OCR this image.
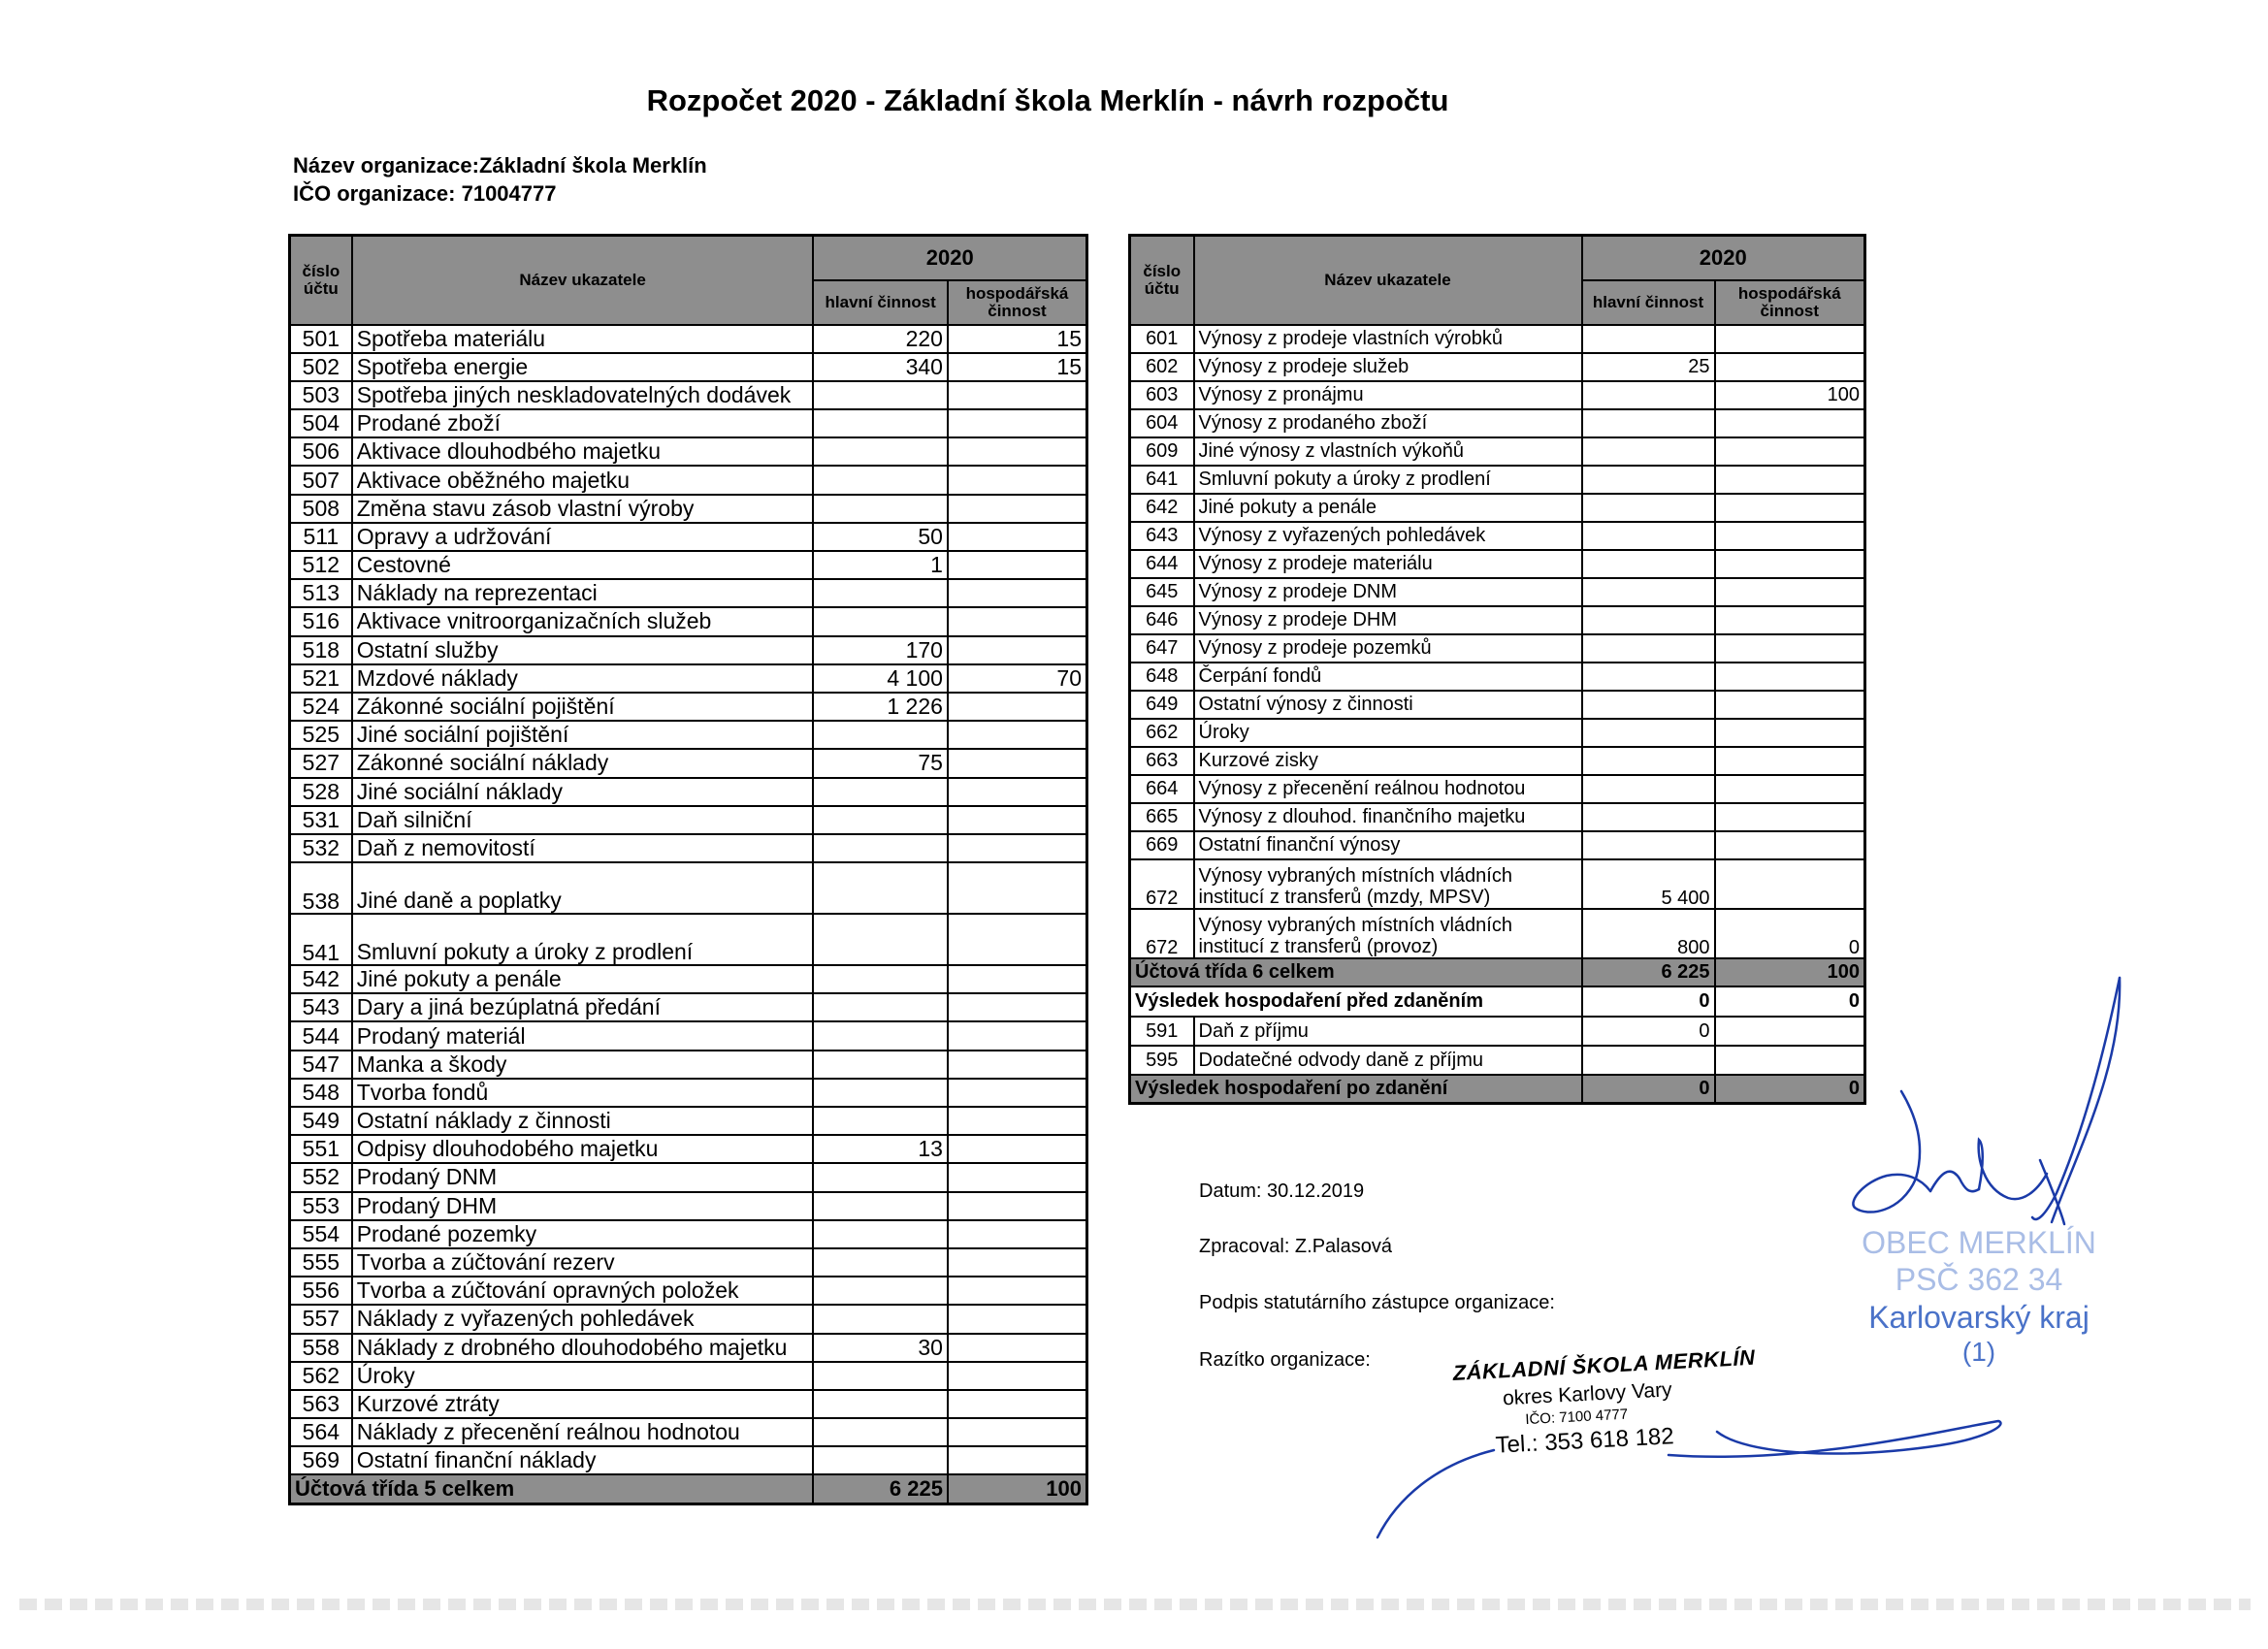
Rozpočet 2020 - Základní škola Merklín - návrh rozpočtu
Název organizace:Základní škola Merklín
IČO organizace: 71004777
číslo účtu	Název ukazatele	2020	
		hlavní činnost	hospodářská činnost
501	Spotřeba materiálu	220	15
502	Spotřeba energie	340	15
503	Spotřeba jiných neskladovatelných dodávek		
504	Prodané zboží		
506	Aktivace dlouhodbého majetku		
507	Aktivace oběžného majetku		
508	Změna stavu zásob vlastní výroby		
511	Opravy a udržování	50	
512	Cestovné	1	
513	Náklady na reprezentaci		
516	Aktivace vnitroorganizačních služeb		
518	Ostatní služby	170	
521	Mzdové náklady	4 100	70
524	Zákonné sociální pojištění	1 226	
525	Jiné sociální pojištění		
527	Zákonné sociální náklady	75	
528	Jiné sociální náklady		
531	Daň silniční		
532	Daň z nemovitostí		
538	Jiné daně a poplatky		
541	Smluvní pokuty a úroky z prodlení		
542	Jiné pokuty a penále		
543	Dary a jiná bezúplatná předání		
544	Prodaný materiál		
547	Manka a škody		
548	Tvorba fondů		
549	Ostatní náklady z činnosti		
551	Odpisy dlouhodobého majetku	13	
552	Prodaný DNM		
553	Prodaný DHM		
554	Prodané pozemky		
555	Tvorba a zúčtování rezerv		
556	Tvorba a zúčtování opravných položek		
557	Náklady z vyřazených pohledávek		
558	Náklady z drobného dlouhodobého majetku	30	
562	Úroky		
563	Kurzové ztráty		
564	Náklady z přecenění reálnou hodnotou		
569	Ostatní finanční náklady		
Účtová třída 5 celkem		6 225	100
číslo účtu	Název ukazatele	2020	
		hlavní činnost	hospodářská činnost
601	Výnosy z prodeje vlastních výrobků		
602	Výnosy z prodeje služeb	25	
603	Výnosy z pronájmu		100
604	Výnosy z prodaného zboží		
609	Jiné výnosy z vlastních výkoňů		
641	Smluvní pokuty a úroky z prodlení		
642	Jiné pokuty a penále		
643	Výnosy z vyřazených pohledávek		
644	Výnosy z prodeje materiálu		
645	Výnosy z prodeje DNM		
646	Výnosy z prodeje DHM		
647	Výnosy z prodeje pozemků		
648	Čerpání fondů		
649	Ostatní výnosy z činnosti		
662	Úroky		
663	Kurzové zisky		
664	Výnosy z přecenění reálnou hodnotou		
665	Výnosy z dlouhod. finančního majetku		
669	Ostatní finanční výnosy		
672	Výnosy vybraných místních vládních institucí z transferů (mzdy, MPSV)	5 400	
672	Výnosy vybraných místních vládních institucí z transferů (provoz)	800	0
Účtová třída 6 celkem		6 225	100
Výsledek hospodaření před zdaněním		0	0
591	Daň z příjmu	0	
595	Dodatečné odvody daně z příjmu		
Výsledek hospodaření po zdanění		0	0
Datum: 30.12.2019
Zpracoval: Z.Palasová
Podpis statutárního zástupce organizace:
Razítko organizace:
OBEC MERKLÍN
PSČ 362 34
Karlovarský kraj
(1)
ZÁKLADNÍ ŠKOLA MERKLÍN
okres Karlovy Vary
IČO: 7100 4777
Tel.: 353 618 182
